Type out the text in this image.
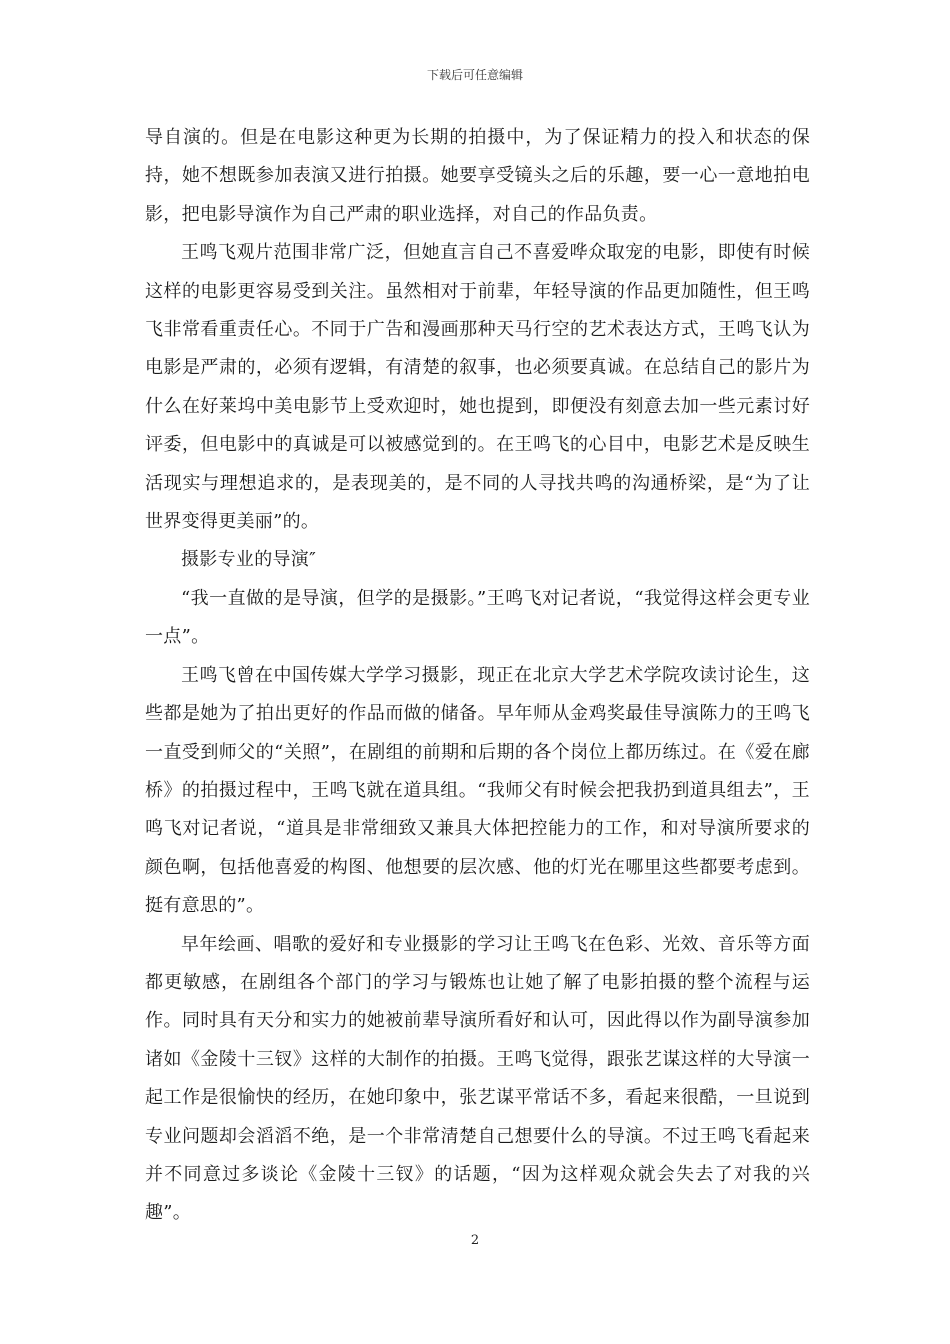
下载后可任意编辑

导自演的。但是在电影这种更为长期的拍摄中，为了保证精力的投入和状态的保持，她不想既参加表演又进行拍摄。她要享受镜头之后的乐趣，要一心一意地拍电影，把电影导演作为自己严肃的职业选择，对自己的作品负责。

王鸣飞观片范围非常广泛，但她直言自己不喜爱哗众取宠的电影，即使有时候这样的电影更容易受到关注。虽然相对于前辈，年轻导演的作品更加随性，但王鸣飞非常看重责任心。不同于广告和漫画那种天马行空的艺术表达方式，王鸣飞认为电影是严肃的，必须有逻辑，有清楚的叙事，也必须要真诚。在总结自己的影片为什么在好莱坞中美电影节上受欢迎时，她也提到，即便没有刻意去加一些元素讨好评委，但电影中的真诚是可以被感觉到的。在王鸣飞的心目中，电影艺术是反映生活现实与理想追求的，是表现美的，是不同的人寻找共鸣的沟通桥梁，是“为了让世界变得更美丽”的。

摄影专业的导演″

“我一直做的是导演，但学的是摄影。”王鸣飞对记者说，“我觉得这样会更专业一点”。

王鸣飞曾在中国传媒大学学习摄影，现正在北京大学艺术学院攻读讨论生，这些都是她为了拍出更好的作品而做的储备。早年师从金鸡奖最佳导演陈力的王鸣飞一直受到师父的“关照”，在剧组的前期和后期的各个岗位上都历练过。在《爱在廊桥》的拍摄过程中，王鸣飞就在道具组。“我师父有时候会把我扔到道具组去”，王鸣飞对记者说，“道具是非常细致又兼具大体把控能力的工作，和对导演所要求的颜色啊，包括他喜爱的构图、他想要的层次感、他的灯光在哪里这些都要考虑到。挺有意思的”。

早年绘画、唱歌的爱好和专业摄影的学习让王鸣飞在色彩、光效、音乐等方面都更敏感，在剧组各个部门的学习与锻炼也让她了解了电影拍摄的整个流程与运作。同时具有天分和实力的她被前辈导演所看好和认可，因此得以作为副导演参加诸如《金陵十三钗》这样的大制作的拍摄。王鸣飞觉得，跟张艺谋这样的大导演一起工作是很愉快的经历，在她印象中，张艺谋平常话不多，看起来很酷，一旦说到专业问题却会滔滔不绝，是一个非常清楚自己想要什么的导演。不过王鸣飞看起来并不同意过多谈论《金陵十三钗》的话题，“因为这样观众就会失去了对我的兴趣”。

2
